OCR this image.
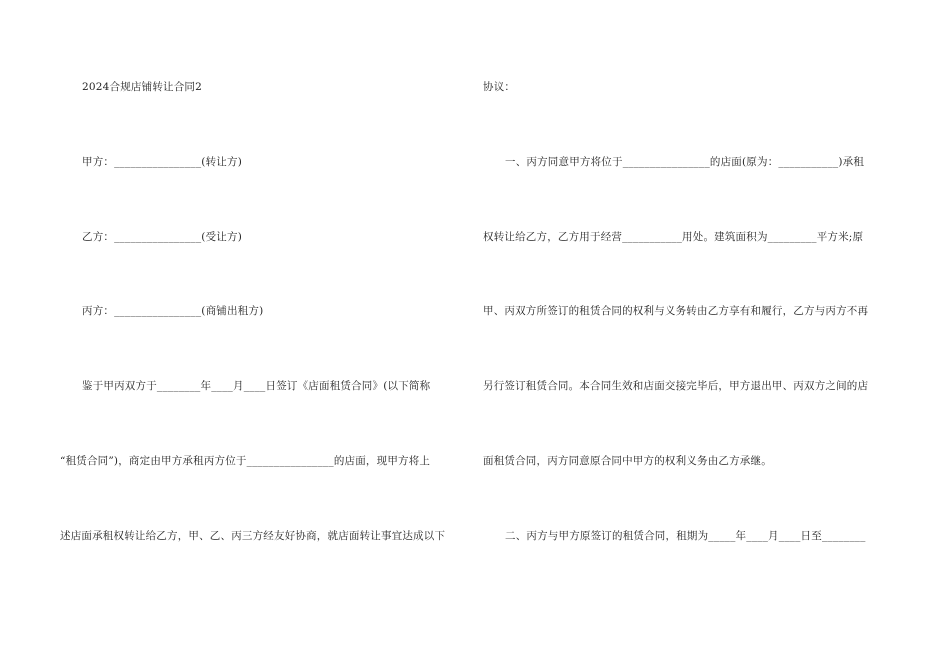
2024合规店铺转让合同2
甲方：________________(转让方)
乙方：________________(受让方)
丙方：________________(商铺出租方)
鉴于甲丙双方于________年____月____日签订《店面租赁合同》(以下简称
“租赁合同”)，商定由甲方承租丙方位于________________的店面，现甲方将上
述店面承租权转让给乙方，甲、乙、丙三方经友好协商，就店面转让事宜达成以下
协议：
一、丙方同意甲方将位于________________的店面(原为：___________)承租
权转让给乙方，乙方用于经营___________用处。建筑面积为_________平方米;原
甲、丙双方所签订的租赁合同的权利与义务转由乙方享有和履行，乙方与丙方不再
另行签订租赁合同。本合同生效和店面交接完毕后，甲方退出甲、丙双方之间的店
面租赁合同，丙方同意原合同中甲方的权利义务由乙方承继。
二、丙方与甲方原签订的租赁合同，租期为_____年____月____日至________
